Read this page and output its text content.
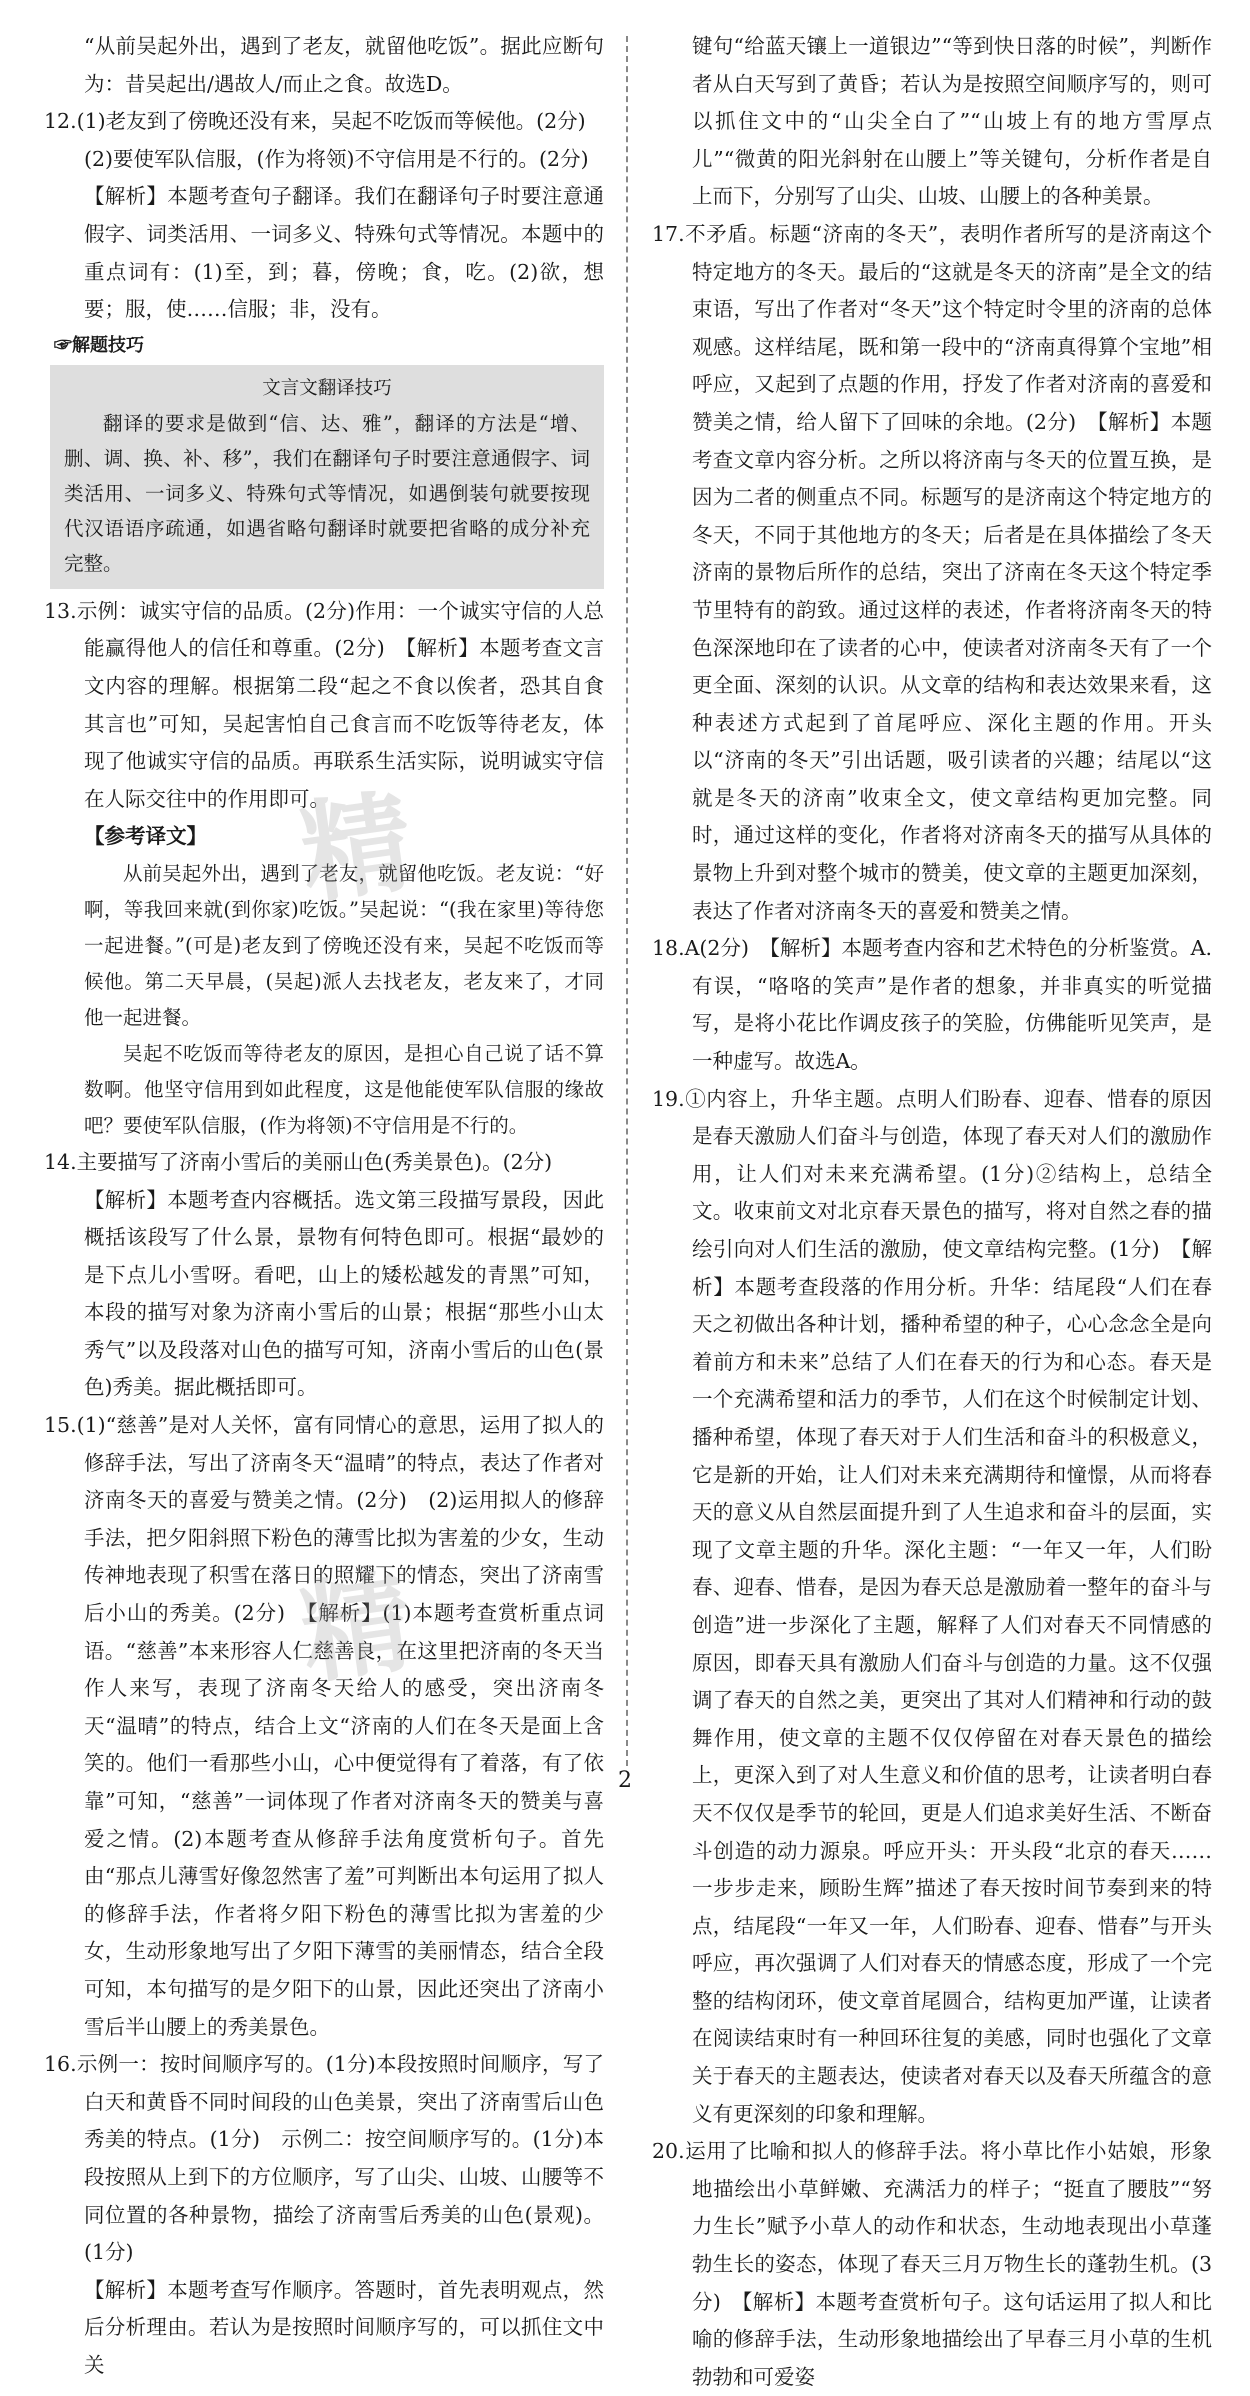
“从前吴起外出，遇到了老友，就留他吃饭”。据此应断句为：昔吴起出/遇故人/而止之食。故选D。

12.(1)老友到了傍晚还没有来，吴起不吃饭而等候他。(2分)

(2)要使军队信服，(作为将领)不守信用是不行的。(2分)

【解析】本题考查句子翻译。我们在翻译句子时要注意通假字、词类活用、一词多义、特殊句式等情况。本题中的重点词有：(1)至，到；暮，傍晚；食，吃。(2)欲，想要；服，使……信服；非，没有。

☞解题技巧
文言文翻译技巧

翻译的要求是做到“信、达、雅”，翻译的方法是“增、删、调、换、补、移”，我们在翻译句子时要注意通假字、词类活用、一词多义、特殊句式等情况，如遇倒装句就要按现代汉语语序疏通，如遇省略句翻译时就要把省略的成分补充完整。

13.示例：诚实守信的品质。(2分)作用：一个诚实守信的人总能赢得他人的信任和尊重。(2分)　【解析】本题考查文言文内容的理解。根据第二段“起之不食以俟者，恐其自食其言也”可知，吴起害怕自己食言而不吃饭等待老友，体现了他诚实守信的品质。再联系生活实际，说明诚实守信在人际交往中的作用即可。

【参考译文】

从前吴起外出，遇到了老友，就留他吃饭。老友说：“好啊，等我回来就(到你家)吃饭。”吴起说：“(我在家里)等待您一起进餐。”(可是)老友到了傍晚还没有来，吴起不吃饭而等候他。第二天早晨，(吴起)派人去找老友，老友来了，才同他一起进餐。

吴起不吃饭而等待老友的原因，是担心自己说了话不算数啊。他坚守信用到如此程度，这是他能使军队信服的缘故吧？要使军队信服，(作为将领)不守信用是不行的。

14.主要描写了济南小雪后的美丽山色(秀美景色)。(2分)

【解析】本题考查内容概括。选文第三段描写景段，因此概括该段写了什么景，景物有何特色即可。根据“最妙的是下点儿小雪呀。看吧，山上的矮松越发的青黑”可知，本段的描写对象为济南小雪后的山景；根据“那些小山太秀气”以及段落对山色的描写可知，济南小雪后的山色(景色)秀美。据此概括即可。

15.(1)“慈善”是对人关怀，富有同情心的意思，运用了拟人的修辞手法，写出了济南冬天“温晴”的特点，表达了作者对济南冬天的喜爱与赞美之情。(2分)　(2)运用拟人的修辞手法，把夕阳斜照下粉色的薄雪比拟为害羞的少女，生动传神地表现了积雪在落日的照耀下的情态，突出了济南雪后小山的秀美。(2分)　【解析】(1)本题考查赏析重点词语。“慈善”本来形容人仁慈善良，在这里把济南的冬天当作人来写，表现了济南冬天给人的感受，突出济南冬天“温晴”的特点，结合上文“济南的人们在冬天是面上含笑的。他们一看那些小山，心中便觉得有了着落，有了依靠”可知，“慈善”一词体现了作者对济南冬天的赞美与喜爱之情。(2)本题考查从修辞手法角度赏析句子。首先由“那点儿薄雪好像忽然害了羞”可判断出本句运用了拟人的修辞手法，作者将夕阳下粉色的薄雪比拟为害羞的少女，生动形象地写出了夕阳下薄雪的美丽情态，结合全段可知，本句描写的是夕阳下的山景，因此还突出了济南小雪后半山腰上的秀美景色。

16.示例一：按时间顺序写的。(1分)本段按照时间顺序，写了白天和黄昏不同时间段的山色美景，突出了济南雪后山色秀美的特点。(1分)　示例二：按空间顺序写的。(1分)本段按照从上到下的方位顺序，写了山尖、山坡、山腰等不同位置的各种景物，描绘了济南雪后秀美的山色(景观)。(1分)

【解析】本题考查写作顺序。答题时，首先表明观点，然后分析理由。若认为是按照时间顺序写的，可以抓住文中关

键句“给蓝天镶上一道银边”“等到快日落的时候”，判断作者从白天写到了黄昏；若认为是按照空间顺序写的，则可以抓住文中的“山尖全白了”“山坡上有的地方雪厚点儿”“微黄的阳光斜射在山腰上”等关键句，分析作者是自上而下，分别写了山尖、山坡、山腰上的各种美景。

17.不矛盾。标题“济南的冬天”，表明作者所写的是济南这个特定地方的冬天。最后的“这就是冬天的济南”是全文的结束语，写出了作者对“冬天”这个特定时令里的济南的总体观感。这样结尾，既和第一段中的“济南真得算个宝地”相呼应，又起到了点题的作用，抒发了作者对济南的喜爱和赞美之情，给人留下了回味的余地。(2分)　【解析】本题考查文章内容分析。之所以将济南与冬天的位置互换，是因为二者的侧重点不同。标题写的是济南这个特定地方的冬天，不同于其他地方的冬天；后者是在具体描绘了冬天济南的景物后所作的总结，突出了济南在冬天这个特定季节里特有的韵致。通过这样的表述，作者将济南冬天的特色深深地印在了读者的心中，使读者对济南冬天有了一个更全面、深刻的认识。从文章的结构和表达效果来看，这种表述方式起到了首尾呼应、深化主题的作用。开头以“济南的冬天”引出话题，吸引读者的兴趣；结尾以“这就是冬天的济南”收束全文，使文章结构更加完整。同时，通过这样的变化，作者将对济南冬天的描写从具体的景物上升到对整个城市的赞美，使文章的主题更加深刻，表达了作者对济南冬天的喜爱和赞美之情。

18.A(2分)　【解析】本题考查内容和艺术特色的分析鉴赏。A.有误，“咯咯的笑声”是作者的想象，并非真实的听觉描写，是将小花比作调皮孩子的笑脸，仿佛能听见笑声，是一种虚写。故选A。

19.①内容上，升华主题。点明人们盼春、迎春、惜春的原因是春天激励人们奋斗与创造，体现了春天对人们的激励作用，让人们对未来充满希望。(1分)②结构上，总结全文。收束前文对北京春天景色的描写，将对自然之春的描绘引向对人们生活的激励，使文章结构完整。(1分)　【解析】本题考查段落的作用分析。升华：结尾段“人们在春天之初做出各种计划，播种希望的种子，心心念念全是向着前方和未来”总结了人们在春天的行为和心态。春天是一个充满希望和活力的季节，人们在这个时候制定计划、播种希望，体现了春天对于人们生活和奋斗的积极意义，它是新的开始，让人们对未来充满期待和憧憬，从而将春天的意义从自然层面提升到了人生追求和奋斗的层面，实现了文章主题的升华。深化主题：“一年又一年，人们盼春、迎春、惜春，是因为春天总是激励着一整年的奋斗与创造”进一步深化了主题，解释了人们对春天不同情感的原因，即春天具有激励人们奋斗与创造的力量。这不仅强调了春天的自然之美，更突出了其对人们精神和行动的鼓舞作用，使文章的主题不仅仅停留在对春天景色的描绘上，更深入到了对人生意义和价值的思考，让读者明白春天不仅仅是季节的轮回，更是人们追求美好生活、不断奋斗创造的动力源泉。呼应开头：开头段“北京的春天……一步步走来，顾盼生辉”描述了春天按时间节奏到来的特点，结尾段“一年又一年，人们盼春、迎春、惜春”与开头呼应，再次强调了人们对春天的情感态度，形成了一个完整的结构闭环，使文章首尾圆合，结构更加严谨，让读者在阅读结束时有一种回环往复的美感，同时也强化了文章关于春天的主题表达，使读者对春天以及春天所蕴含的意义有更深刻的印象和理解。

20.运用了比喻和拟人的修辞手法。将小草比作小姑娘，形象地描绘出小草鲜嫩、充满活力的样子；“挺直了腰肢”“努力生长”赋予小草人的动作和状态，生动地表现出小草蓬勃生长的姿态，体现了春天三月万物生长的蓬勃生机。(3分)　【解析】本题考查赏析句子。这句话运用了拟人和比喻的修辞手法，生动形象地描绘出了早春三月小草的生机勃勃和可爱姿

精
精
2
